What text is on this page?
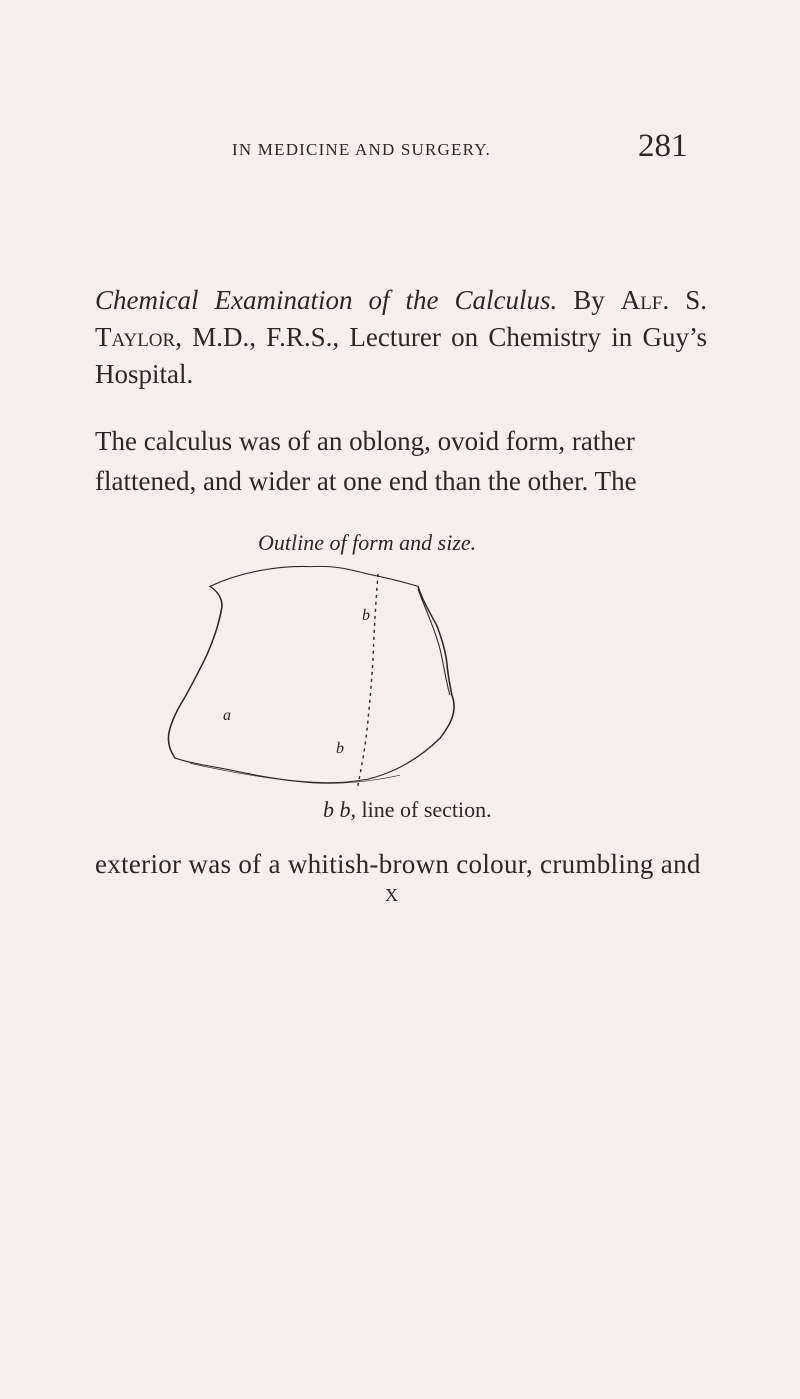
IN MEDICINE AND SURGERY.	281
Chemical Examination of the Calculus. By Alf. S. Taylor, M.D., F.R.S., Lecturer on Chemistry in Guy’s Hospital.
The calculus was of an oblong, ovoid form, rather
flattened, and wider at one end than the other. The
Outline of form and size.
b
a
b
b b, line of section.
exterior was of a whitish-brown colour, crumbling and
X
